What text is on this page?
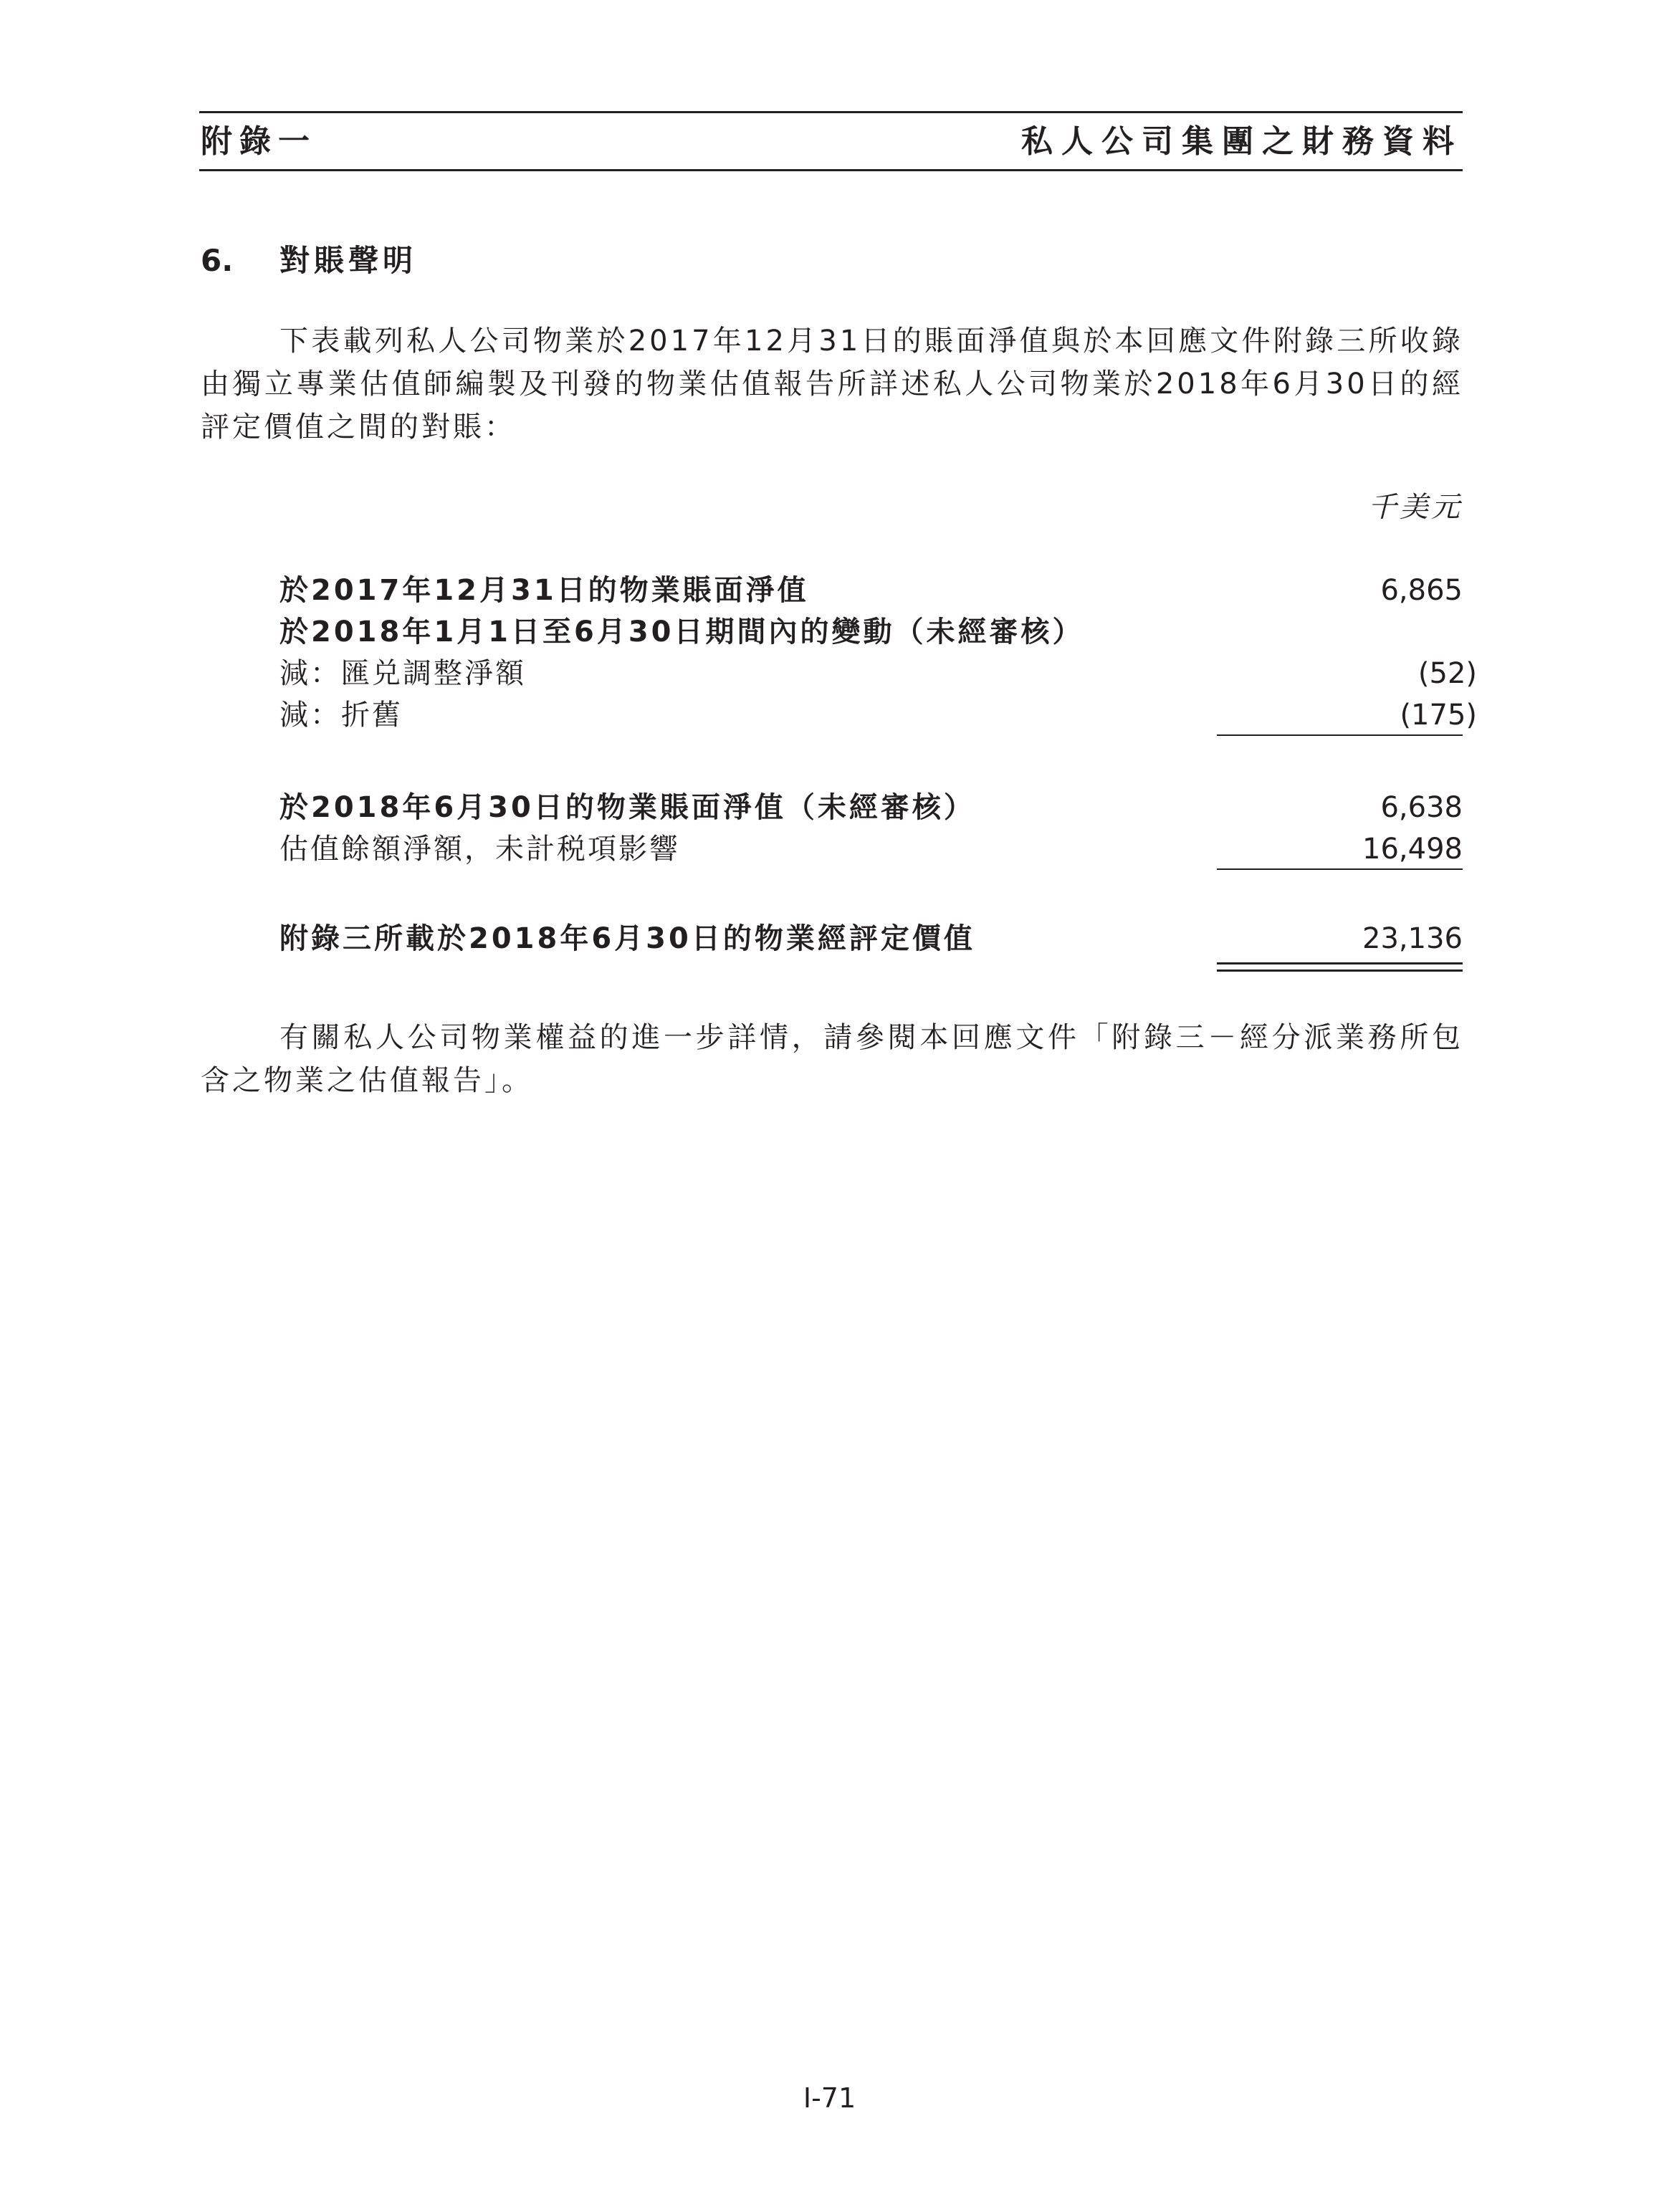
附錄一	私人公司集團之財務資料
6. 對賬聲明
下表載列私人公司物業於2017年12月31日的賬面淨值與於本回應文件附錄三所收錄由獨立專業估值師編製及刊發的物業估值報告所詳述私人公司物業於2018年6月30日的經評定價值之間的對賬：
千美元
於2017年12月31日的物業賬面淨值	6,865
於2018年1月1日至6月30日期間內的變動（未經審核）
減：匯兑調整淨額	(52)
減：折舊	(175)
於2018年6月30日的物業賬面淨值（未經審核）	6,638
估值餘額淨額，未計税項影響	16,498
附錄三所載於2018年6月30日的物業經評定價值	23,136
有關私人公司物業權益的進一步詳情，請參閱本回應文件「附錄三－經分派業務所包含之物業之估值報告」。
I-71
